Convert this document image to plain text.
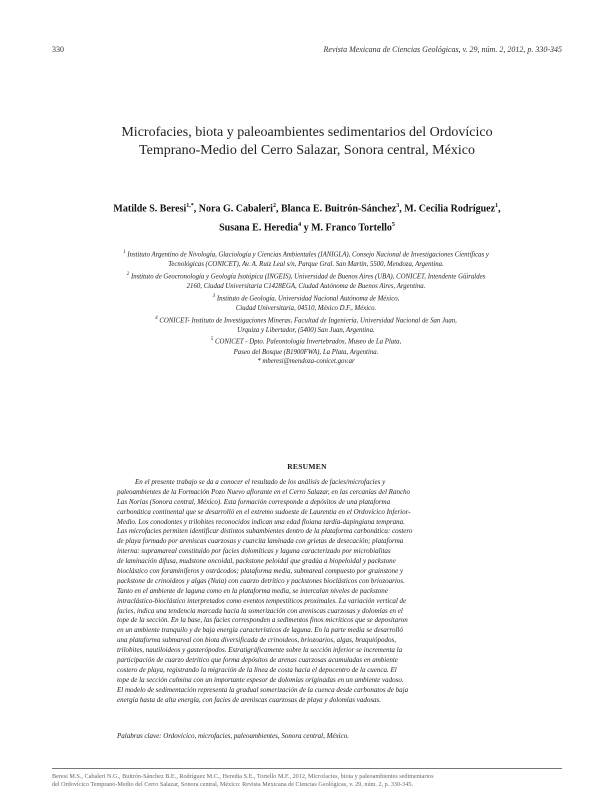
330	Revista Mexicana de Ciencias Geológicas, v. 29, núm. 2, 2012, p. 330-345
Microfacies, biota y paleoambientes sedimentarios del Ordovícico
Temprano-Medio del Cerro Salazar, Sonora central, México
Matilde S. Beresi$^{1,*}$, Nora G. Cabaleri$^2$, Blanca E. Buitrón-Sánchez$^3$, M. Cecilia Rodríguez$^1$,
Susana E. Heredia$^4$ y M. Franco Tortello$^5$
$^1$ Instituto Argentino de Nivología, Glaciología y Ciencias Ambientales (IANIGLA), Consejo Nacional de Investigaciones Científicas y
Tecnológicas (CONICET), Av. A. Ruiz Leal s/n, Parque Gral. San Martín, 5500, Mendoza, Argentina.
$^2$ Instituto de Geocronología y Geología Isotópica (INGEIS), Universidad de Buenos Aires (UBA), CONICET, Intendente Güiraldes
2160, Ciudad Universitaria C1428EGA, Ciudad Autónoma de Buenos Aires, Argentina.
$^3$ Instituto de Geología, Universidad Nacional Autónoma de México,
Ciudad Universitaria, 04510, México D.F., México.
$^4$ CONICET- Instituto de Investigaciones Mineras, Facultad de Ingeniería, Universidad Nacional de San Juan,
Urquiza y Libertador, (5400) San Juan, Argentina.
$^5$ CONICET - Dpto. Paleontología Invertebrados, Museo de La Plata,
Paseo del Bosque (B1900FWA), La Plata, Argentina.
* mberesi@mendoza-conicet.gov.ar
RESUMEN
En el presente trabajo se da a conocer el resultado de los análisis de facies/microfacies y
paleoambientes de la Formación Pozo Nuevo aflorante en el Cerro Salazar, en las cercanías del Rancho
Las Norias (Sonora central, México). Esta formación corresponde a depósitos de una plataforma
carbonática continental que se desarrolló en el extremo sudoeste de Laurentia en el Ordovícico Inferior-
Medio. Los conodontes y trilobites reconocidos indican una edad floiana tardía-dapingiana temprana.
Las microfacies permiten identificar distintos subambientes dentro de la plataforma carbonática: costero
de playa formado por areniscas cuarzosas y cuarcita laminada con grietas de desecación; plataforma
interna: supramareal constituido por facies dolomíticas y laguna caracterizado por microbialitas
de laminación difusa, mudstone oncoidal, packstone peloidal que gradúa a biopeloidal y packstone
bioclástico con foraminíferos y ostrácodos; plataforma media, submareal compuesto por grainstone y
packstone de crinoideos y algas (Nuia) con cuarzo detrítico y packstones bioclásticos con briozoarios.
Tanto en el ambiente de laguna como en la plataforma media, se intercalan niveles de packstone
intraclástico-bioclástico interpretados como eventos tempestíticos proximales. La variación vertical de
facies, indica una tendencia marcada hacia la somerización con areniscas cuarzosas y dolomías en el
tope de la sección. En la base, las facies corresponden a sedimentos finos micríticos que se depositaron
en un ambiente tranquilo y de baja energía característicos de laguna. En la parte media se desarrolló
una plataforma submareal con biota diversificada de crinoideos, briozoarios, algas, braquiópodos,
trilobites, nautiloideos y gasterópodos. Estratigráficamente sobre la sección inferior se incrementa la
participación de cuarzo detrítico que forma depósitos de arenas cuarzosas acumuladas en ambiente
costero de playa, registrando la migración de la línea de costa hacia el depocentro de la cuenca. El
tope de la sección culmina con un importante espesor de dolomías originadas en un ambiente vadoso.
El modelo de sedimentación representa la gradual somerización de la cuenca desde carbonatos de baja
energía hasta de alta energía, con facies de areniscas cuarzosas de playa y dolomías vadosas.
Palabras clave: Ordovícico, microfacies, paleoambientes, Sonora central, México.
Beresi M.S., Cabaleri N.G., Buitrón-Sánchez B.E., Rodríguez M.C., Heredia S.E., Tortello M.F., 2012, Microfacies, biota y paleoambientes sedimentarios
del Ordovícico Temprano-Medio del Cerro Salazar, Sonora central, México: Revista Mexicana de Ciencias Geológicas, v. 29, núm. 2, p. 330-345.
